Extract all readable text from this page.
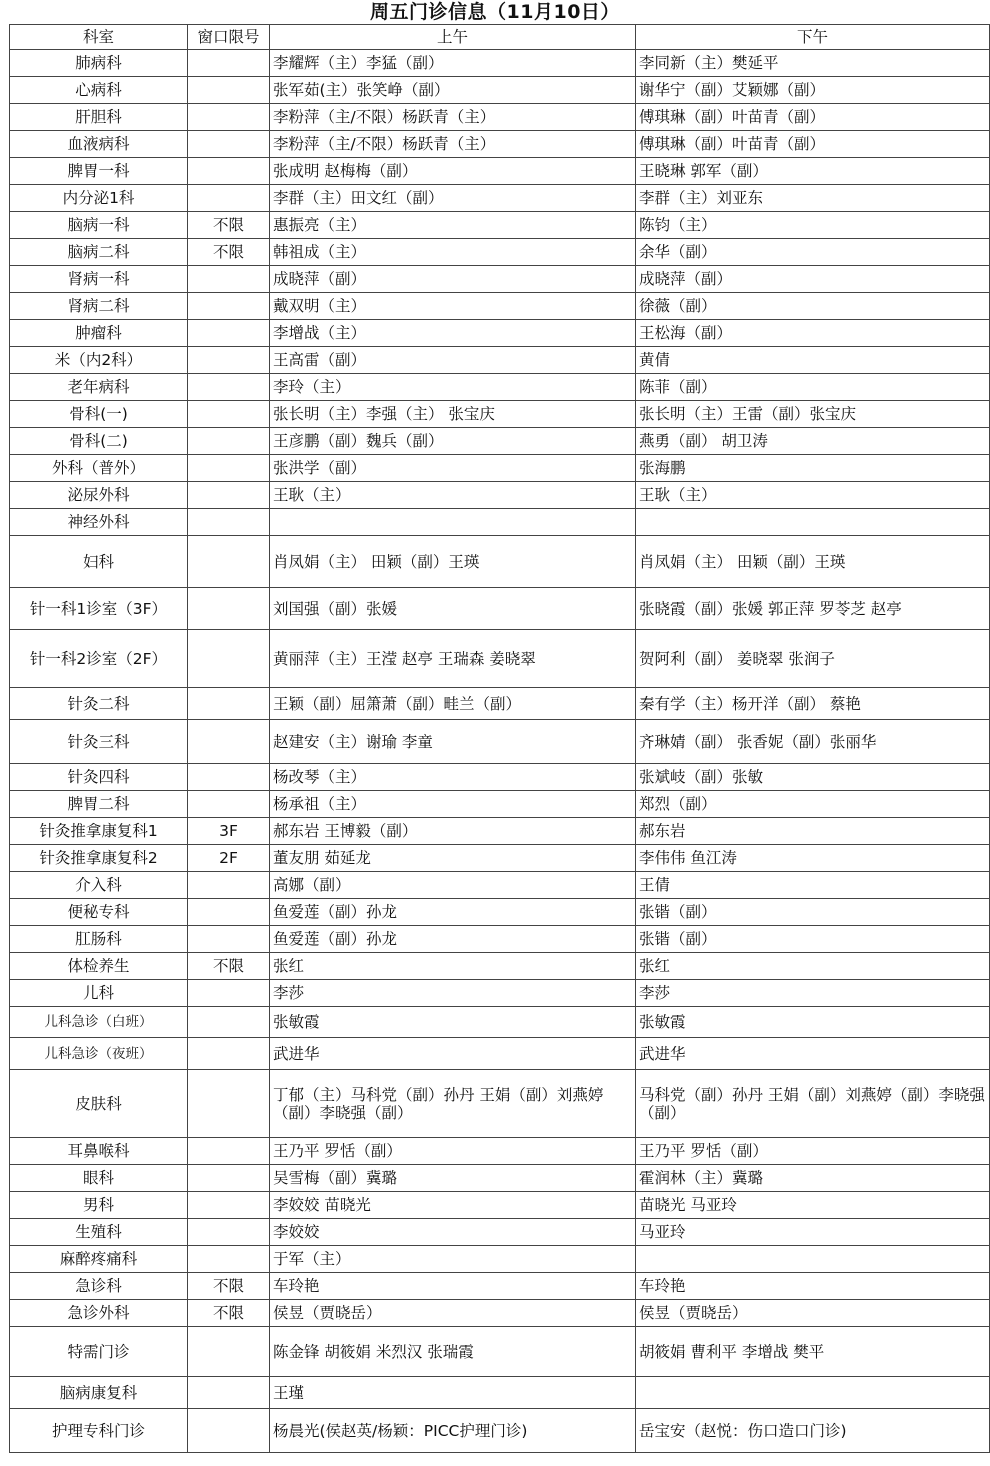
周五门诊信息（11月10日）
科室	窗口限号	上午	下午
肺病科		李耀辉（主）李猛（副）	李同新（主）樊延平
心病科		张军茹(主）张笑峥（副）	谢华宁（副）艾颖娜（副）
肝胆科		李粉萍（主/不限）杨跃青（主）	傅琪琳（副）叶苗青（副）
血液病科		李粉萍（主/不限）杨跃青（主）	傅琪琳（副）叶苗青（副）
脾胃一科		张成明 赵梅梅（副）	王晓琳 郭军（副）
内分泌1科		李群（主）田文红（副）	李群（主）刘亚东
脑病一科	不限	惠振亮（主）	陈钧（主）
脑病二科	不限	韩祖成（主）	余华（副）
肾病一科		成晓萍（副）	成晓萍（副）
肾病二科		戴双明（主）	徐薇（副）
肿瘤科		李增战（主）	王松海（副）
米（内2科）		王高雷（副）	黄倩
老年病科		李玲（主）	陈菲（副）
骨科(一)		张长明（主）李强（主） 张宝庆	张长明（主）王雷（副）张宝庆
骨科(二)		王彦鹏（副）魏兵（副）	燕勇（副） 胡卫涛
外科（普外）		张洪学（副）	张海鹏
泌尿外科		王耿（主）	王耿（主）
神经外科			
妇科		肖凤娟（主） 田颖（副）王瑛	肖凤娟（主） 田颖（副）王瑛
针一科1诊室（3F）		刘国强（副）张媛	张晓霞（副）张媛 郭正萍 罗苓芝 赵亭
针一科2诊室（2F）		黄丽萍（主）王滢 赵亭 王瑞森 姜晓翠	贺阿利（副） 姜晓翠 张润子
针灸二科		王颖（副）屈箫萧（副）畦兰（副）	秦有学（主）杨开洋（副） 蔡艳
针灸三科		赵建安（主）谢瑜 李童	齐琳婧（副） 张香妮（副）张丽华
针灸四科		杨改琴（主）	张斌岐（副）张敏
脾胃二科		杨承祖（主）	郑烈（副）
针灸推拿康复科1	3F	郝东岩 王博毅（副）	郝东岩
针灸推拿康复科2	2F	董友朋 茹延龙	李伟伟 鱼江涛
介入科		高娜（副）	王倩
便秘专科		鱼爱莲（副）孙龙	张锴（副）
肛肠科		鱼爱莲（副）孙龙	张锴（副）
体检养生	不限	张红	张红
儿科		李莎	李莎
儿科急诊（白班）		张敏霞	张敏霞
儿科急诊（夜班）		武进华	武进华
皮肤科		丁郁（主）马科党（副）孙丹 王娟（副）刘燕婷（副）李晓强（副）	马科党（副）孙丹 王娟（副）刘燕婷（副）李晓强（副）
耳鼻喉科		王乃平 罗恬（副）	王乃平 罗恬（副）
眼科		吴雪梅（副）冀璐	霍润林（主）冀璐
男科		李姣姣 苗晓光	苗晓光 马亚玲
生殖科		李姣姣	马亚玲
麻醉疼痛科		于军（主）	
急诊科	不限	车玲艳	车玲艳
急诊外科	不限	侯昱（贾晓岳）	侯昱（贾晓岳）
特需门诊		陈金锋 胡筱娟 米烈汉 张瑞霞	胡筱娟 曹利平 李增战 樊平
脑病康复科		王瑾	
护理专科门诊		杨晨光(侯赵英/杨颖：PICC护理门诊)	岳宝安（赵悦：伤口造口门诊)
